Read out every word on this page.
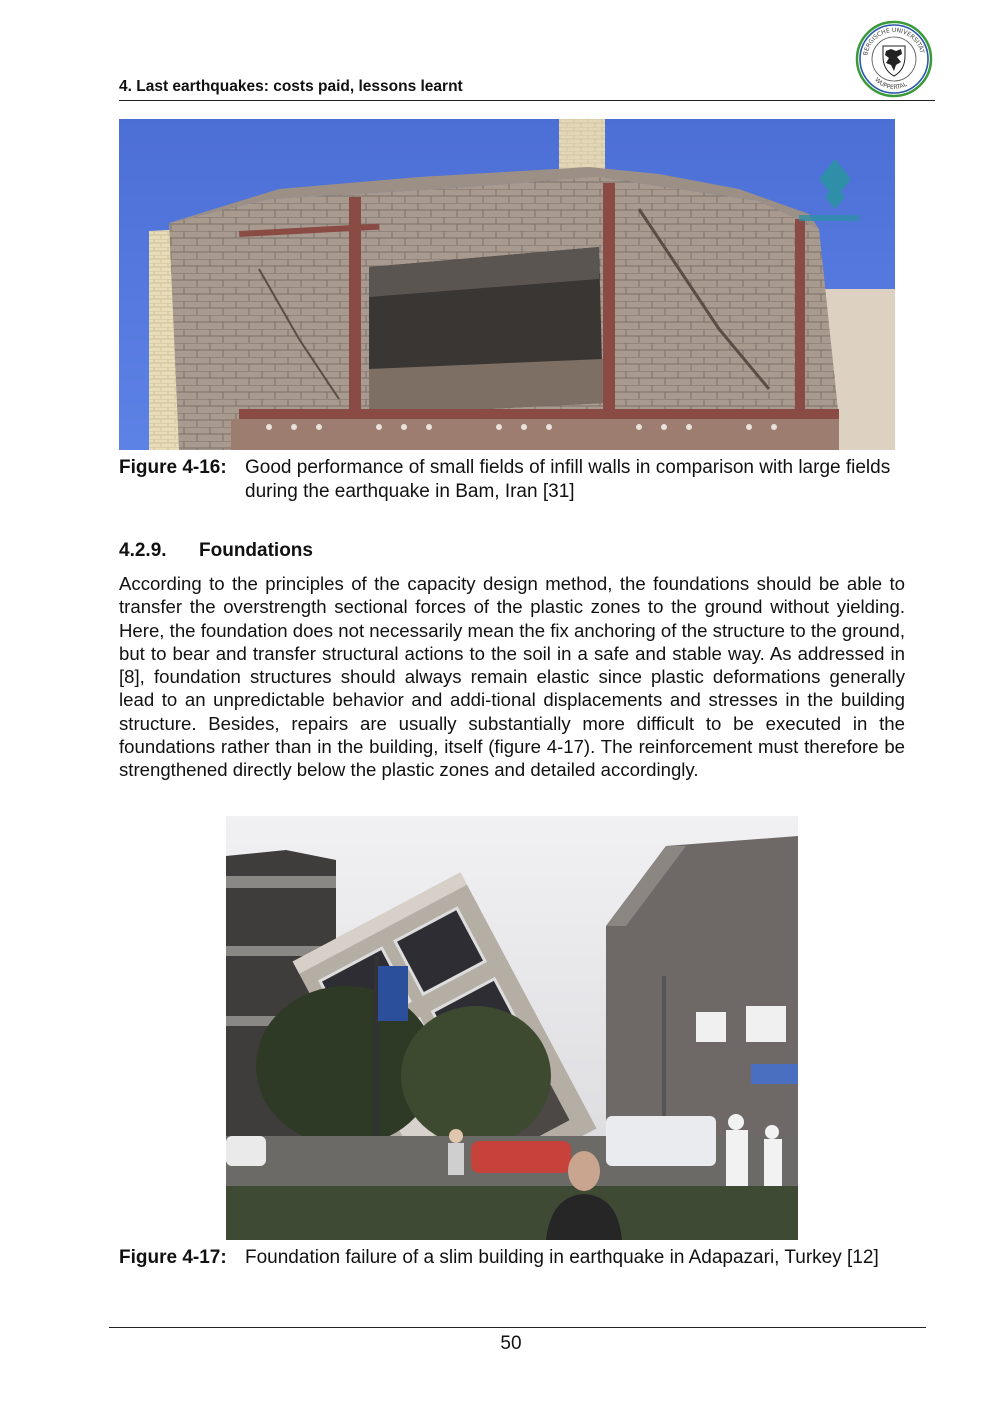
4. Last earthquakes: costs paid, lessons learnt
BERGISCHE UNIVERSITÄT
WUPPERTAL
Figure 4-16: Good performance of small fields of infill walls in comparison with large fields during the earthquake in Bam, Iran [31]
4.2.9. Foundations
According to the principles of the capacity design method, the foundations should be able to transfer the overstrength sectional forces of the plastic zones to the ground without yielding. Here, the foundation does not necessarily mean the fix anchoring of the structure to the ground, but to bear and transfer structural actions to the soil in a safe and stable way. As addressed in [8], foundation structures should always remain elastic since plastic deformations generally lead to an unpredictable behavior and addi-tional displacements and stresses in the building structure. Besides, repairs are usually substantially more difficult to be executed in the foundations rather than in the building, itself (figure 4-17). The reinforcement must therefore be strengthened directly below the plastic zones and detailed accordingly.
Figure 4-17: Foundation failure of a slim building in earthquake in Adapazari, Turkey [12]
50
